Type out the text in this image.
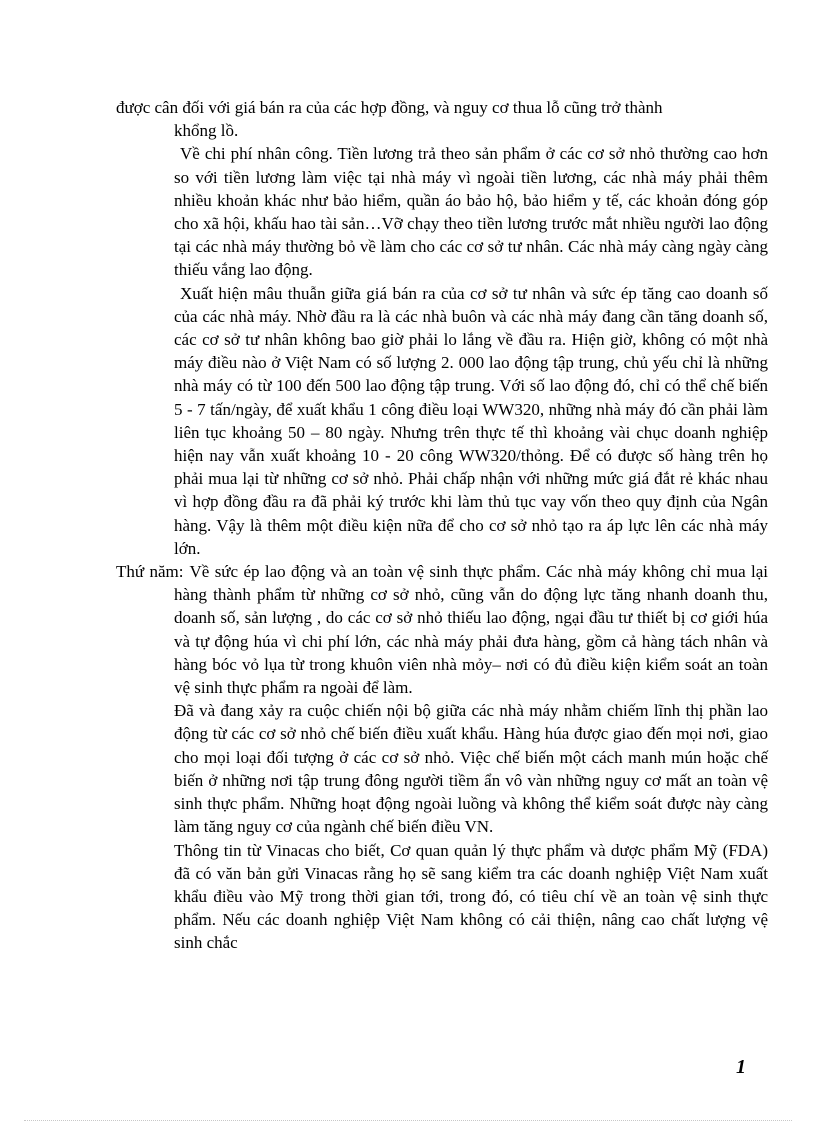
được cân đối với giá bán ra của các hợp đồng, và nguy cơ thua lỗ cũng trở thành

khổng lồ.

Về chi phí nhân công. Tiền lương trả theo sản phẩm ở các cơ sở nhỏ thường cao hơn so với tiền lương làm việc tại nhà máy vì ngoài tiền lương, các nhà máy phải thêm nhiều khoản khác như bảo hiểm, quần áo bảo hộ, bảo hiểm y tế, các khoản đóng góp cho xã hội, khấu hao tài sản…Vỡ chạy theo tiền lương trước mắt nhiều người lao động tại các nhà máy thường bỏ về làm cho các cơ sở tư nhân. Các nhà máy càng ngày càng thiếu vắng lao động.

Xuất hiện mâu thuẫn giữa giá bán ra của cơ sở tư nhân và sức ép tăng cao doanh số của các nhà máy. Nhờ đầu ra là các nhà buôn và các nhà máy đang cần tăng doanh số, các cơ sở tư nhân không bao giờ phải lo lắng về đầu ra. Hiện giờ, không có một nhà máy điều nào ở Việt Nam có số lượng 2. 000 lao động tập trung, chủ yếu chỉ là những nhà máy có từ 100 đến 500 lao động tập trung. Với số lao động đó, chỉ có thể chế biến 5 - 7 tấn/ngày, để xuất khẩu 1 công điều loại WW320, những nhà máy đó cần phải làm liên tục khoảng 50 – 80 ngày. Nhưng trên thực tế thì khoảng vài chục doanh nghiệp hiện nay vẫn xuất khoảng 10 - 20 công WW320/thỏng. Để có được số hàng trên họ phải mua lại từ những cơ sở nhỏ. Phải chấp nhận với những mức giá đắt rẻ khác nhau vì hợp đồng đầu ra đã phải ký trước khi làm thủ tục vay vốn theo quy định của Ngân hàng. Vậy là thêm một điều kiện nữa để cho cơ sở nhỏ tạo ra áp lực lên các nhà máy lớn.

Thứ năm: Về sức ép lao động và an toàn vệ sinh thực phẩm. Các nhà máy không chỉ mua lại hàng thành phẩm từ những cơ sở nhỏ, cũng vẫn do động lực tăng nhanh doanh thu, doanh số, sản lượng , do các cơ sở nhỏ thiếu lao động, ngại đầu tư thiết bị cơ giới húa và tự động húa vì chi phí lớn, các nhà máy phải đưa hàng, gồm cả hàng tách nhân và hàng bóc vỏ lụa từ trong khuôn viên nhà mỏy– nơi có đủ điều kiện kiểm soát an toàn vệ sinh thực phẩm ra ngoài để làm.

Đã và đang xảy ra cuộc chiến nội bộ giữa các nhà máy nhằm chiếm lĩnh thị phần lao động từ các cơ sở nhỏ chế biến điều xuất khẩu. Hàng húa được giao đến mọi nơi, giao cho mọi loại đối tượng ở các cơ sở nhỏ. Việc chế biến một cách manh mún hoặc chế biến ở những nơi tập trung đông người tiềm ẩn vô vàn những nguy cơ mất an toàn vệ sinh thực phẩm. Những hoạt động ngoài luồng và không thể kiểm soát được này càng làm tăng nguy cơ của ngành chế biến điều VN.

Thông tin từ Vinacas cho biết, Cơ quan quản lý thực phẩm và dược phẩm Mỹ (FDA) đã có văn bản gửi Vinacas rằng họ sẽ sang kiểm tra các doanh nghiệp Việt Nam xuất khẩu điều vào Mỹ trong thời gian tới, trong đó, có tiêu chí về an toàn vệ sinh thực phẩm. Nếu các doanh nghiệp Việt Nam không có cải thiện, nâng cao chất lượng vệ sinh chắc

1
